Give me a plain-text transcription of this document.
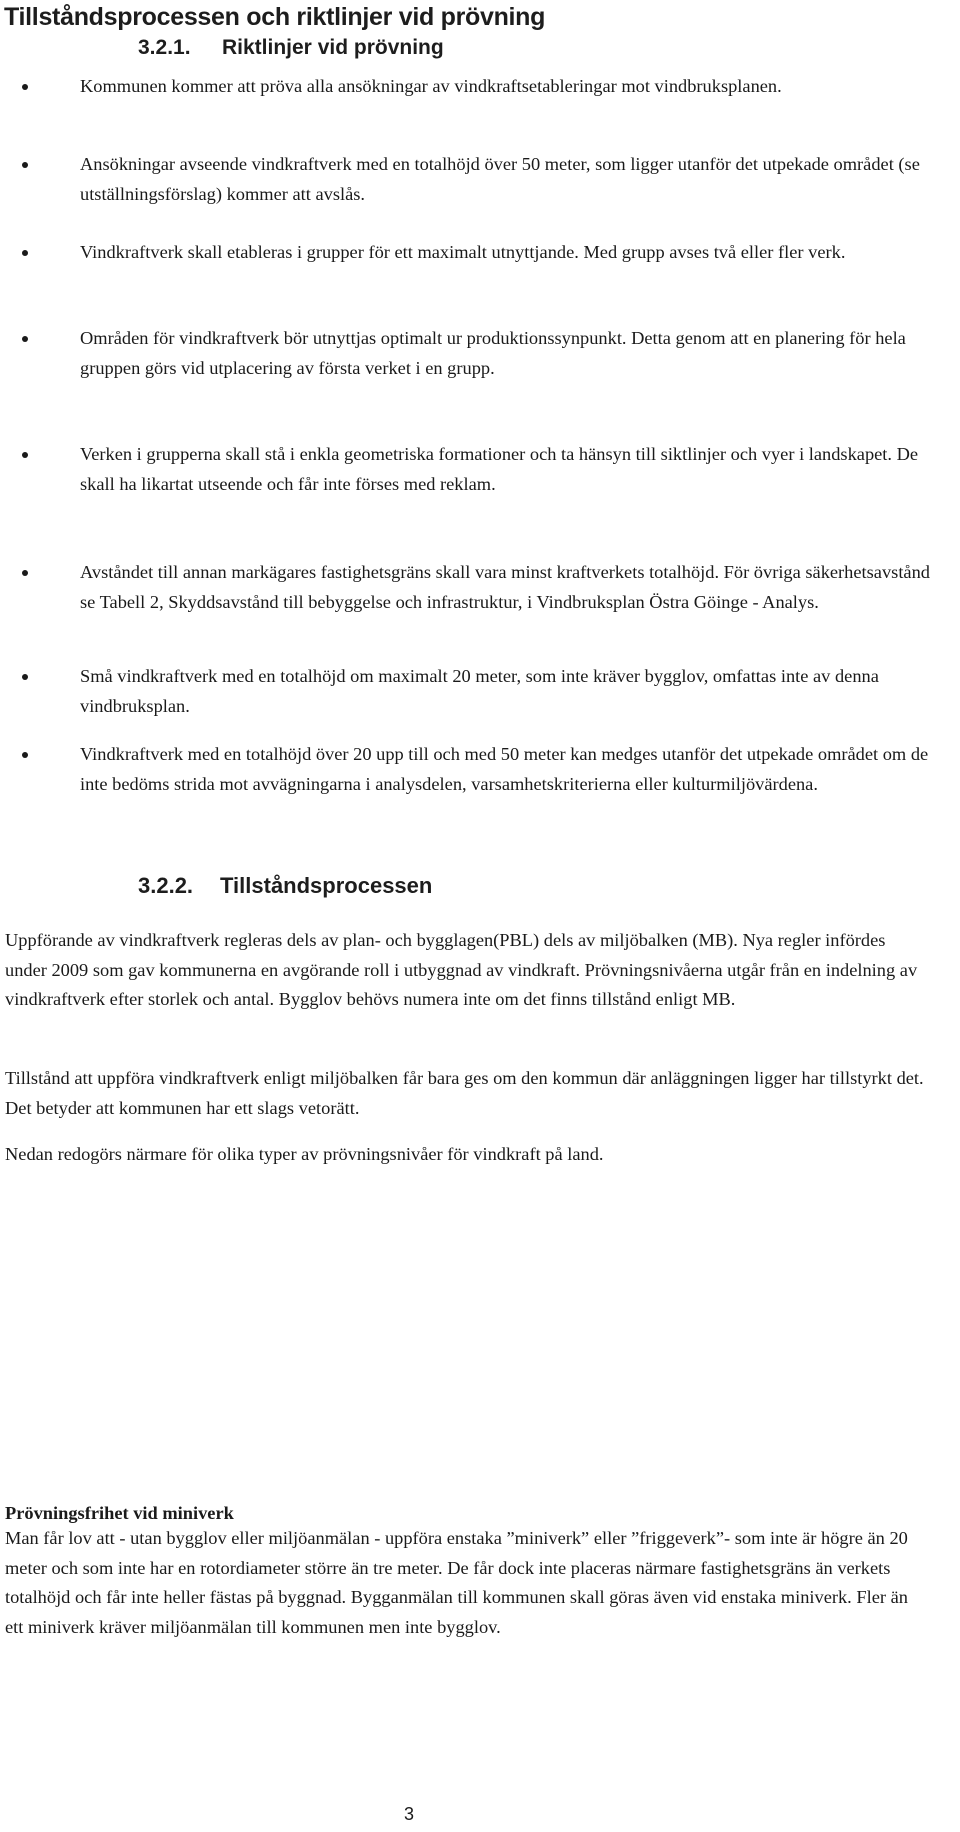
Tillståndsprocessen och riktlinjer vid prövning
3.2.1.	Riktlinjer vid prövning
Kommunen kommer att pröva alla ansökningar av vindkraftsetableringar mot vindbruksplanen.
Ansökningar avseende vindkraftverk med en totalhöjd över 50 meter, som ligger utanför det utpekade området (se utställningsförslag) kommer att avslås.
Vindkraftverk skall etableras i grupper för ett maximalt utnyttjande. Med grupp avses två eller fler verk.
Områden för vindkraftverk bör utnyttjas optimalt ur produktionssynpunkt. Detta genom att en planering för hela gruppen görs vid utplacering av första verket i en grupp.
Verken i grupperna skall stå i enkla geometriska formationer och ta hänsyn till siktlinjer och vyer i landskapet. De skall ha likartat utseende och får inte förses med reklam.
Avståndet till annan markägares fastighetsgräns skall vara minst kraftverkets totalhöjd. För övriga säkerhetsavstånd se Tabell 2, Skyddsavstånd till bebyggelse och infrastruktur, i Vindbruksplan Östra Göinge - Analys.
Små vindkraftverk med en totalhöjd om maximalt 20 meter, som inte kräver bygglov, omfattas inte av denna vindbruksplan.
Vindkraftverk med en totalhöjd över 20 upp till och med 50 meter kan medges utanför det utpekade området om de inte bedöms strida mot avvägningarna i analysdelen, varsamhetskriterierna eller kulturmiljövärdena.
3.2.2.	Tillståndsprocessen

Uppförande av vindkraftverk regleras dels av plan- och bygglagen(PBL) dels av miljöbalken (MB). Nya regler infördes under 2009 som gav kommunerna en avgörande roll i utbyggnad av vindkraft. Prövningsnivåerna utgår från en indelning av vindkraftverk efter storlek och antal. Bygglov behövs numera inte om det finns tillstånd enligt MB.

Tillstånd att uppföra vindkraftverk enligt miljöbalken får bara ges om den kommun där anläggningen ligger har tillstyrkt det. Det betyder att kommunen har ett slags vetorätt.

Nedan redogörs närmare för olika typer av prövningsnivåer för vindkraft på land.

Prövningsfrihet vid miniverk

Man får lov att - utan bygglov eller miljöanmälan - uppföra enstaka ”miniverk” eller ”friggeverk”- som inte är högre än 20 meter och som inte har en rotordiameter större än tre meter. De får dock inte placeras närmare fastighetsgräns än verkets totalhöjd och får inte heller fästas på byggnad. Bygganmälan till kommunen skall göras även vid enstaka miniverk. Fler än ett miniverk kräver miljöanmälan till kommunen men inte bygglov.

3
